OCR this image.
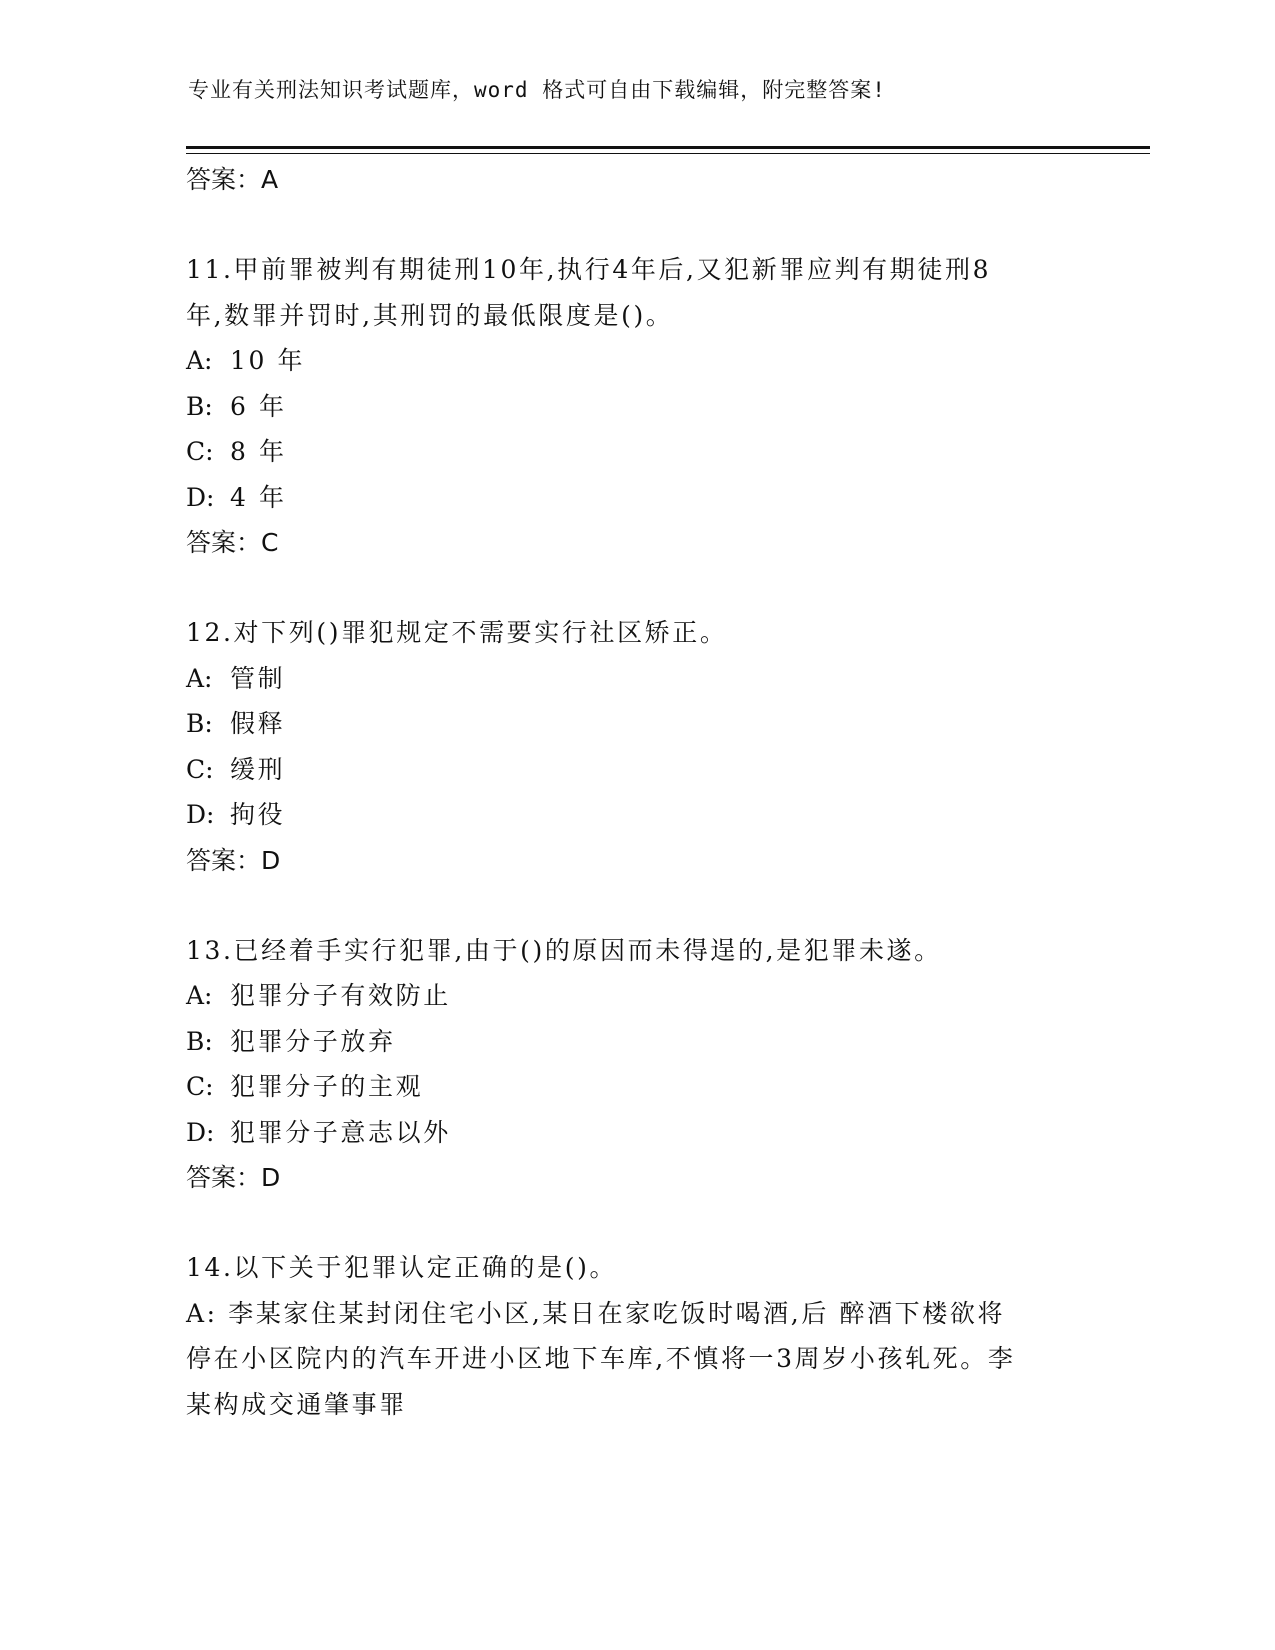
专业有关刑法知识考试题库，word 格式可自由下载编辑，附完整答案!
答案：A
11.甲前罪被判有期徒刑10年,执行4年后,又犯新罪应判有期徒刑8
年,数罪并罚时,其刑罚的最低限度是()。
A: 10 年
B: 6 年
C: 8 年
D: 4 年
答案：C
12.对下列()罪犯规定不需要实行社区矫正。
A: 管制
B: 假释
C: 缓刑
D: 拘役
答案：D
13.已经着手实行犯罪,由于()的原因而未得逞的,是犯罪未遂。
A: 犯罪分子有效防止
B: 犯罪分子放弃
C: 犯罪分子的主观
D: 犯罪分子意志以外
答案：D
14.以下关于犯罪认定正确的是()。
A: 李某家住某封闭住宅小区,某日在家吃饭时喝酒,后 醉酒下楼欲将
停在小区院内的汽车开进小区地下车库,不慎将一3周岁小孩轧死。李
某构成交通肇事罪
